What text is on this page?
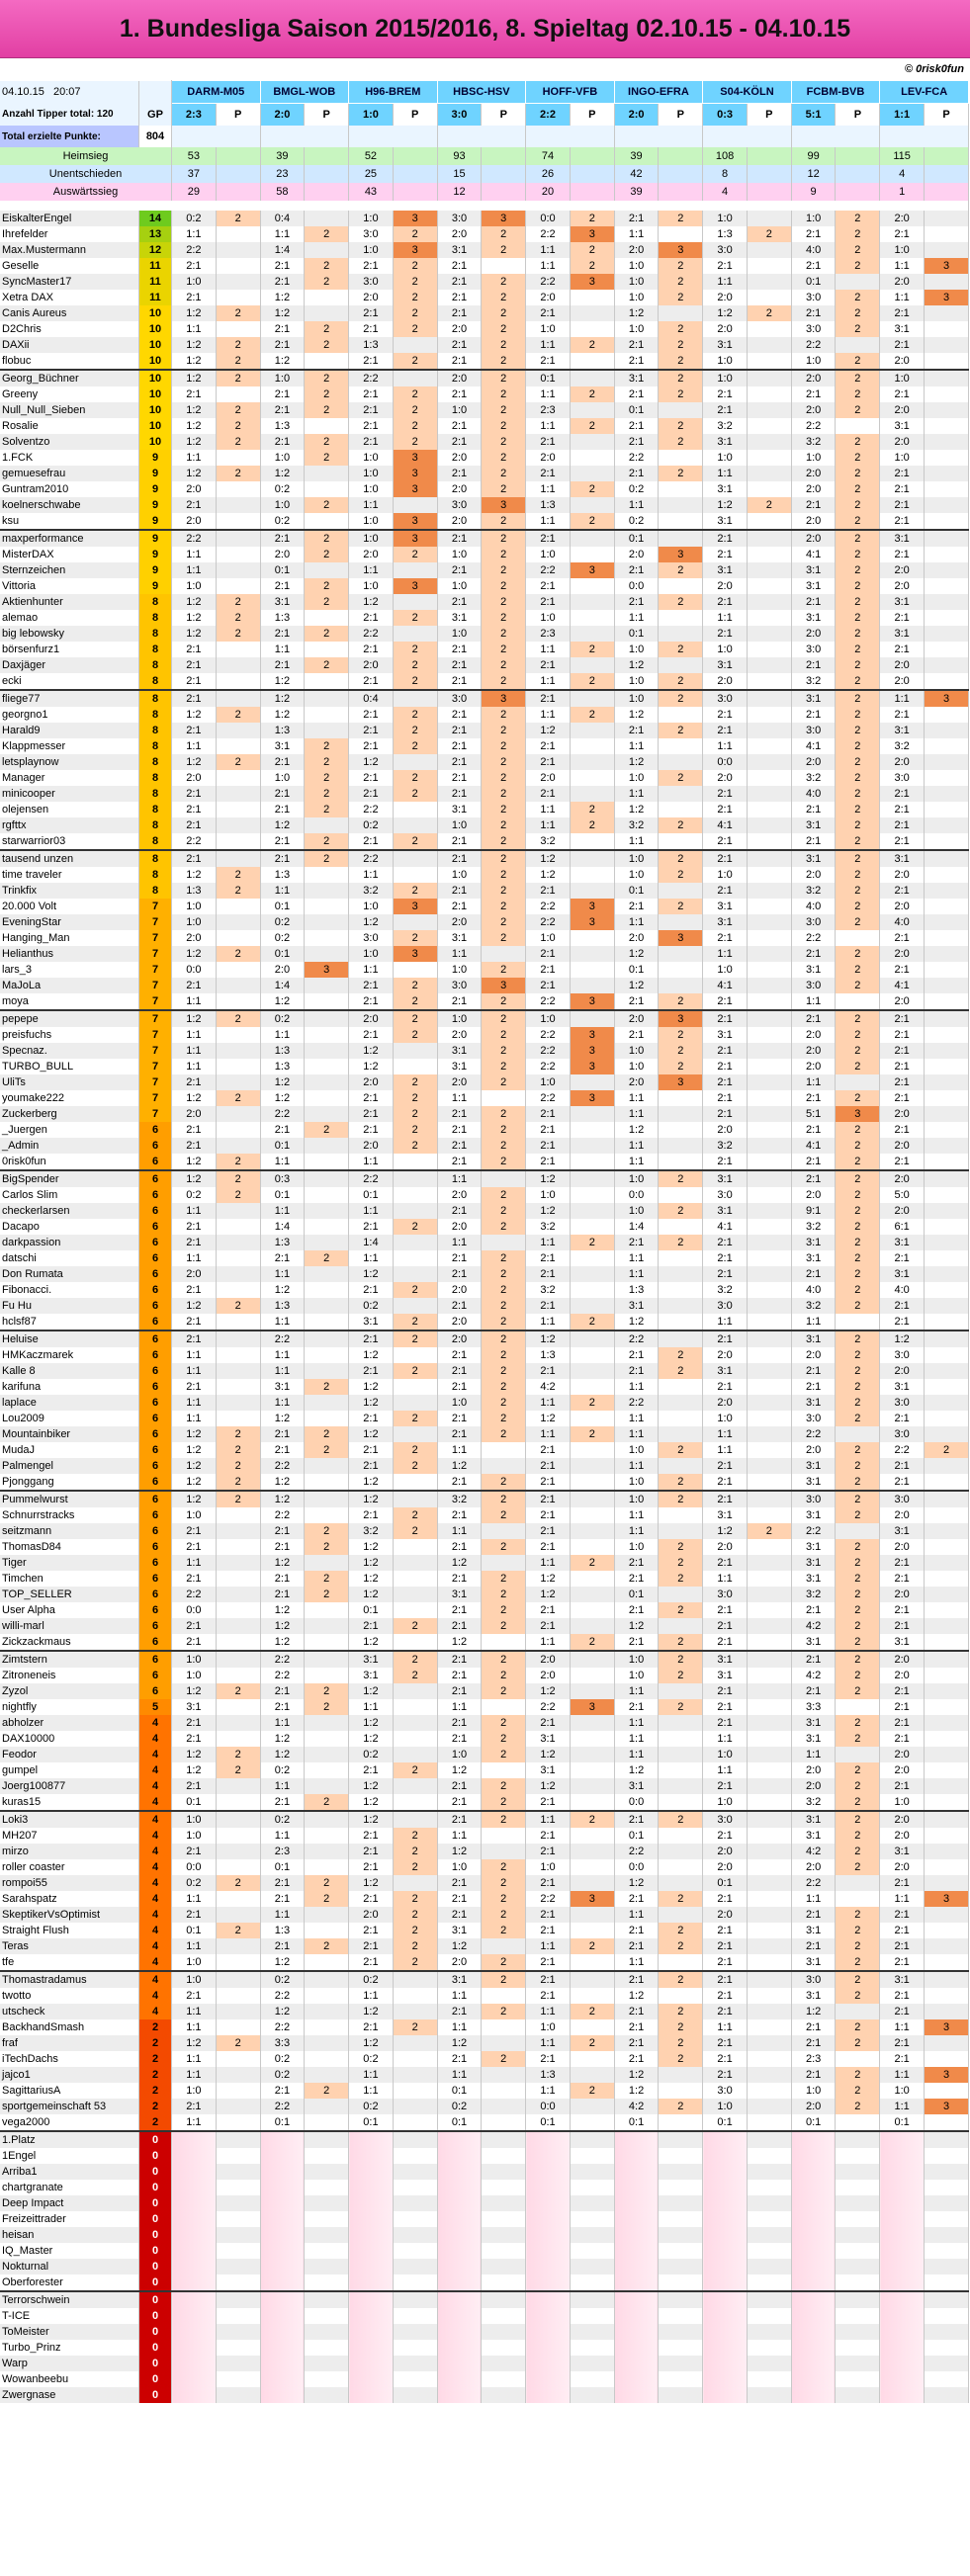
1. Bundesliga Saison 2015/2016, 8. Spieltag 02.10.15 - 04.10.15
© 0risk0fun
04.10.15 20:07		DARM-M05		BMGL-WOB		H96-BREM		HBSC-HSV		HOFF-VFB		INGO-EFRA		S04-KÖLN		FCBM-BVB		LEV-FCA	
Anzahl Tipper total: 120	GP	2:3	P	2:0	P	1:0	P	3:0	P	2:2	P	2:0	P	0:3	P	5:1	P	1:1	P
Total erzielte Punkte:	804																		
Heimsieg		53		39		52		93		74		39		108		99		115	
Unentschieden		37		23		25		15		26		42		8		12		4	
Auswärtssieg		29		58		43		12		20		39		4		9		1	

EiskalterEngel	14	0:2	2	0:4		1:0	3	3:0	3	0:0	2	2:1	2	1:0		1:0	2	2:0	
Ihrefelder	13	1:1		1:1	2	3:0	2	2:0	2	2:2	3	1:1		1:3	2	2:1	2	2:1	
Max.Mustermann	12	2:2		1:4		1:0	3	3:1	2	1:1	2	2:0	3	3:0		4:0	2	1:0	
Geselle	11	2:1		2:1	2	2:1	2	2:1		1:1	2	1:0	2	2:1		2:1	2	1:1	3
SyncMaster17	11	1:0		2:1	2	3:0	2	2:1	2	2:2	3	1:0	2	1:1		0:1		2:0	
Xetra DAX	11	2:1		1:2		2:0	2	2:1	2	2:0		1:0	2	2:0		3:0	2	1:1	3
Canis Aureus	10	1:2	2	1:2		2:1	2	2:1	2	2:1		1:2		1:2	2	2:1	2	2:1	
D2Chris	10	1:1		2:1	2	2:1	2	2:0	2	1:0		1:0	2	2:0		3:0	2	3:1	
DAXii	10	1:2	2	2:1	2	1:3		2:1	2	1:1	2	2:1	2	3:1		2:2		2:1	
flobuc	10	1:2	2	1:2		2:1	2	2:1	2	2:1		2:1	2	1:0		1:0	2	2:0	
Georg_Büchner	10	1:2	2	1:0	2	2:2		2:0	2	0:1		3:1	2	1:0		2:0	2	1:0	
Greeny	10	2:1		2:1	2	2:1	2	2:1	2	1:1	2	2:1	2	2:1		2:1	2	2:1	
Null_Null_Sieben	10	1:2	2	2:1	2	2:1	2	1:0	2	2:3		0:1		2:1		2:0	2	2:0	
Rosalie	10	1:2	2	1:3		2:1	2	2:1	2	1:1	2	2:1	2	3:2		2:2		3:1	
Solventzo	10	1:2	2	2:1	2	2:1	2	2:1	2	2:1		2:1	2	3:1		3:2	2	2:0	
1.FCK	9	1:1		1:0	2	1:0	3	2:0	2	2:0		2:2		1:0		1:0	2	1:0	
gemuesefrau	9	1:2	2	1:2		1:0	3	2:1	2	2:1		2:1	2	1:1		2:0	2	2:1	
Guntram2010	9	2:0		0:2		1:0	3	2:0	2	1:1	2	0:2		3:1		2:0	2	2:1	
koelnerschwabe	9	2:1		1:0	2	1:1		3:0	3	1:3		1:1		1:2	2	2:1	2	2:1	
ksu	9	2:0		0:2		1:0	3	2:0	2	1:1	2	0:2		3:1		2:0	2	2:1	
maxperformance	9	2:2		2:1	2	1:0	3	2:1	2	2:1		0:1		2:1		2:0	2	3:1	
MisterDAX	9	1:1		2:0	2	2:0	2	1:0	2	1:0		2:0	3	2:1		4:1	2	2:1	
Sternzeichen	9	1:1		0:1		1:1		2:1	2	2:2	3	2:1	2	3:1		3:1	2	2:0	
Vittoria	9	1:0		2:1	2	1:0	3	1:0	2	2:1		0:0		2:0		3:1	2	2:0	
Aktienhunter	8	1:2	2	3:1	2	1:2		2:1	2	2:1		2:1	2	2:1		2:1	2	3:1	
alemao	8	1:2	2	1:3		2:1	2	3:1	2	1:0		1:1		1:1		3:1	2	2:1	
big lebowsky	8	1:2	2	2:1	2	2:2		1:0	2	2:3		0:1		2:1		2:0	2	3:1	
börsenfurz1	8	2:1		1:1		2:1	2	2:1	2	1:1	2	1:0	2	1:0		3:0	2	2:1	
Daxjäger	8	2:1		2:1	2	2:0	2	2:1	2	2:1		1:2		3:1		2:1	2	2:0	
ecki	8	2:1		1:2		2:1	2	2:1	2	1:1	2	1:0	2	2:0		3:2	2	2:0	
fliege77	8	2:1		1:2		0:4		3:0	3	2:1		1:0	2	3:0		3:1	2	1:1	3
georgno1	8	1:2	2	1:2		2:1	2	2:1	2	1:1	2	1:2		2:1		2:1	2	2:1	
Harald9	8	2:1		1:3		2:1	2	2:1	2	1:2		2:1	2	2:1		3:0	2	3:1	
Klappmesser	8	1:1		3:1	2	2:1	2	2:1	2	2:1		1:1		1:1		4:1	2	3:2	
letsplaynow	8	1:2	2	2:1	2	1:2		2:1	2	2:1		1:2		0:0		2:0	2	2:0	
Manager	8	2:0		1:0	2	2:1	2	2:1	2	2:0		1:0	2	2:0		3:2	2	3:0	
minicooper	8	2:1		2:1	2	2:1	2	2:1	2	2:1		1:1		2:1		4:0	2	2:1	
olejensen	8	2:1		2:1	2	2:2		3:1	2	1:1	2	1:2		2:1		2:1	2	2:1	
rgfttx	8	2:1		1:2		0:2		1:0	2	1:1	2	3:2	2	4:1		3:1	2	2:1	
starwarrior03	8	2:2		2:1	2	2:1	2	2:1	2	3:2		1:1		2:1		2:1	2	2:1	
tausend unzen	8	2:1		2:1	2	2:2		2:1	2	1:2		1:0	2	2:1		3:1	2	3:1	
time traveler	8	1:2	2	1:3		1:1		1:0	2	1:2		1:0	2	1:0		2:0	2	2:0	
Trinkfix	8	1:3	2	1:1		3:2	2	2:1	2	2:1		0:1		2:1		3:2	2	2:1	
20.000 Volt	7	1:0		0:1		1:0	3	2:1	2	2:2	3	2:1	2	3:1		4:0	2	2:0	
EveningStar	7	1:0		0:2		1:2		2:0	2	2:2	3	1:1		3:1		3:0	2	4:0	
Hanging_Man	7	2:0		0:2		3:0	2	3:1	2	1:0		2:0	3	2:1		2:2		2:1	
Helianthus	7	1:2	2	0:1		1:0	3	1:1		2:1		1:2		1:1		2:1	2	2:0	
lars_3	7	0:0		2:0	3	1:1		1:0	2	2:1		0:1		1:0		3:1	2	2:1	
MaJoLa	7	2:1		1:4		2:1	2	3:0	3	2:1		1:2		4:1		3:0	2	4:1	
moya	7	1:1		1:2		2:1	2	2:1	2	2:2	3	2:1	2	2:1		1:1		2:0	
pepepe	7	1:2	2	0:2		2:0	2	1:0	2	1:0		2:0	3	2:1		2:1	2	2:1	
preisfuchs	7	1:1		1:1		2:1	2	2:0	2	2:2	3	2:1	2	3:1		2:0	2	2:1	
Specnaz.	7	1:1		1:3		1:2		3:1	2	2:2	3	1:0	2	2:1		2:0	2	2:1	
TURBO_BULL	7	1:1		1:3		1:2		3:1	2	2:2	3	1:0	2	2:1		2:0	2	2:1	
UliTs	7	2:1		1:2		2:0	2	2:0	2	1:0		2:0	3	2:1		1:1		2:1	
youmake222	7	1:2	2	1:2		2:1	2	1:1		2:2	3	1:1		2:1		2:1	2	2:1	
Zuckerberg	7	2:0		2:2		2:1	2	2:1	2	2:1		1:1		2:1		5:1	3	2:0	
_Juergen	6	2:1		2:1	2	2:1	2	2:1	2	2:1		1:2		2:0		2:1	2	2:1	
_Admin	6	2:1		0:1		2:0	2	2:1	2	2:1		1:1		3:2		4:1	2	2:0	
0risk0fun	6	1:2	2	1:1		1:1		2:1	2	2:1		1:1		2:1		2:1	2	2:1	
BigSpender	6	1:2	2	0:3		2:2		1:1		1:2		1:0	2	3:1		2:1	2	2:0	
Carlos Slim	6	0:2	2	0:1		0:1		2:0	2	1:0		0:0		3:0		2:0	2	5:0	
checkerlarsen	6	1:1		1:1		1:1		2:1	2	1:2		1:0	2	3:1		9:1	2	2:0	
Dacapo	6	2:1		1:4		2:1	2	2:0	2	3:2		1:4		4:1		3:2	2	6:1	
darkpassion	6	2:1		1:3		1:4		1:1		1:1	2	2:1	2	2:1		3:1	2	3:1	
datschi	6	1:1		2:1	2	1:1		2:1	2	2:1		1:1		2:1		3:1	2	2:1	
Don Rumata	6	2:0		1:1		1:2		2:1	2	2:1		1:1		2:1		2:1	2	3:1	
Fibonacci.	6	2:1		1:2		2:1	2	2:0	2	3:2		1:3		3:2		4:0	2	4:0	
Fu Hu	6	1:2	2	1:3		0:2		2:1	2	2:1		3:1		3:0		3:2	2	2:1	
hclsf87	6	2:1		1:1		3:1	2	2:0	2	1:1	2	1:2		1:1		1:1		2:1	
Heluise	6	2:1		2:2		2:1	2	2:0	2	1:2		2:2		2:1		3:1	2	1:2	
HMKaczmarek	6	1:1		1:1		1:2		2:1	2	1:3		2:1	2	2:0		2:0	2	3:0	
Kalle 8	6	1:1		1:1		2:1	2	2:1	2	2:1		2:1	2	3:1		2:1	2	2:0	
karifuna	6	2:1		3:1	2	1:2		2:1	2	4:2		1:1		2:1		2:1	2	3:1	
laplace	6	1:1		1:1		1:2		1:0	2	1:1	2	2:2		2:0		3:1	2	3:0	
Lou2009	6	1:1		1:2		2:1	2	2:1	2	1:2		1:1		1:0		3:0	2	2:1	
Mountainbiker	6	1:2	2	2:1	2	1:2		2:1	2	1:1	2	1:1		1:1		2:2		3:0	
MudaJ	6	1:2	2	2:1	2	2:1	2	1:1		2:1		1:0	2	1:1		2:0	2	2:2	2
Palmengel	6	1:2	2	2:2		2:1	2	1:2		2:1		1:1		2:1		3:1	2	2:1	
Pjonggang	6	1:2	2	1:2		1:2		2:1	2	2:1		1:0	2	2:1		3:1	2	2:1	
Pummelwurst	6	1:2	2	1:2		1:2		3:2	2	2:1		1:0	2	2:1		3:0	2	3:0	
Schnurrstracks	6	1:0		2:2		2:1	2	2:1	2	2:1		1:1		3:1		3:1	2	2:0	
seitzmann	6	2:1		2:1	2	3:2	2	1:1		2:1		1:1		1:2	2	2:2		3:1	
ThomasD84	6	2:1		2:1	2	1:2		2:1	2	2:1		1:0	2	2:0		3:1	2	2:0	
Tiger	6	1:1		1:2		1:2		1:2		1:1	2	2:1	2	2:1		3:1	2	2:1	
Timchen	6	2:1		2:1	2	1:2		2:1	2	1:2		2:1	2	1:1		3:1	2	2:1	
TOP_SELLER	6	2:2		2:1	2	1:2		3:1	2	1:2		0:1		3:0		3:2	2	2:0	
User Alpha	6	0:0		1:2		0:1		2:1	2	2:1		2:1	2	2:1		2:1	2	2:1	
willi-marl	6	2:1		1:2		2:1	2	2:1	2	2:1		1:2		2:1		4:2	2	2:1	
Zickzackmaus	6	2:1		1:2		1:2		1:2		1:1	2	2:1	2	2:1		3:1	2	3:1	
Zimtstern	6	1:0		2:2		3:1	2	2:1	2	2:0		1:0	2	3:1		2:1	2	2:0	
Zitroneneis	6	1:0		2:2		3:1	2	2:1	2	2:0		1:0	2	3:1		4:2	2	2:0	
Zyzol	6	1:2	2	2:1	2	1:2		2:1	2	1:2		1:1		2:1		2:1	2	2:1	
nightfly	5	3:1		2:1	2	1:1		1:1		2:2	3	2:1	2	2:1		3:3		2:1	
abholzer	4	2:1		1:1		1:2		2:1	2	2:1		1:1		2:1		3:1	2	2:1	
DAX10000	4	2:1		1:2		1:2		2:1	2	3:1		1:1		1:1		3:1	2	2:1	
Feodor	4	1:2	2	1:2		0:2		1:0	2	1:2		1:1		1:0		1:1		2:0	
gumpel	4	1:2	2	0:2		2:1	2	1:2		3:1		1:2		1:1		2:0	2	2:0	
Joerg100877	4	2:1		1:1		1:2		2:1	2	1:2		3:1		2:1		2:0	2	2:1	
kuras15	4	0:1		2:1	2	1:2		2:1	2	2:1		0:0		1:0		3:2	2	1:0	
Loki3	4	1:0		0:2		1:2		2:1	2	1:1	2	2:1	2	3:0		3:1	2	2:0	
MH207	4	1:0		1:1		2:1	2	1:1		2:1		0:1		2:1		3:1	2	2:0	
mirzo	4	2:1		2:3		2:1	2	1:2		2:1		2:2		2:0		4:2	2	3:1	
roller coaster	4	0:0		0:1		2:1	2	1:0	2	1:0		0:0		2:0		2:0	2	2:0	
rompoi55	4	0:2	2	2:1	2	1:2		2:1	2	2:1		1:2		0:1		2:2		2:1	
Sarahspatz	4	1:1		2:1	2	2:1	2	2:1	2	2:2	3	2:1	2	2:1		1:1		1:1	3
SkeptikerVsOptimist	4	2:1		1:1		2:0	2	2:1	2	2:1		1:1		2:0		2:1	2	2:1	
Straight Flush	4	0:1	2	1:3		2:1	2	3:1	2	2:1		2:1	2	2:1		3:1	2	2:1	
Teras	4	1:1		2:1	2	2:1	2	1:2		1:1	2	2:1	2	2:1		2:1	2	2:1	
tfe	4	1:0		1:2		2:1	2	2:0	2	2:1		1:1		2:1		3:1	2	2:1	
Thomastradamus	4	1:0		0:2		0:2		3:1	2	2:1		2:1	2	2:1		3:0	2	3:1	
twotto	4	2:1		2:2		1:1		1:1		2:1		1:2		2:1		3:1	2	2:1	
utscheck	4	1:1		1:2		1:2		2:1	2	1:1	2	2:1	2	2:1		1:2		2:1	
BackhandSmash	2	1:1		2:2		2:1	2	1:1		1:0		2:1	2	1:1		2:1	2	1:1	3
fraf	2	1:2	2	3:3		1:2		1:2		1:1	2	2:1	2	2:1		2:1	2	2:1	
iTechDachs	2	1:1		0:2		0:2		2:1	2	2:1		2:1	2	2:1		2:3		2:1	
jajco1	2	1:1		0:2		1:1		1:1		1:3		1:2		2:1		2:1	2	1:1	3
SagittariusA	2	1:0		2:1	2	1:1		0:1		1:1	2	1:2		3:0		1:0	2	1:0	
sportgemeinschaft 53	2	2:1		2:2		0:2		0:2		0:0		4:2	2	1:0		2:0	2	1:1	3
vega2000	2	1:1		0:1		0:1		0:1		0:1		0:1		0:1		0:1		0:1	
1.Platz	0																		
1Engel	0																		
Arriba1	0																		
chartgranate	0																		
Deep Impact	0																		
Freizeittrader	0																		
heisan	0																		
IQ_Master	0																		
Nokturnal	0																		
Oberforester	0																		
Terrorschwein	0																		
T-ICE	0																		
ToMeister	0																		
Turbo_Prinz	0																		
Warp	0																		
Wowanbeebu	0																		
Zwergnase	0																		
